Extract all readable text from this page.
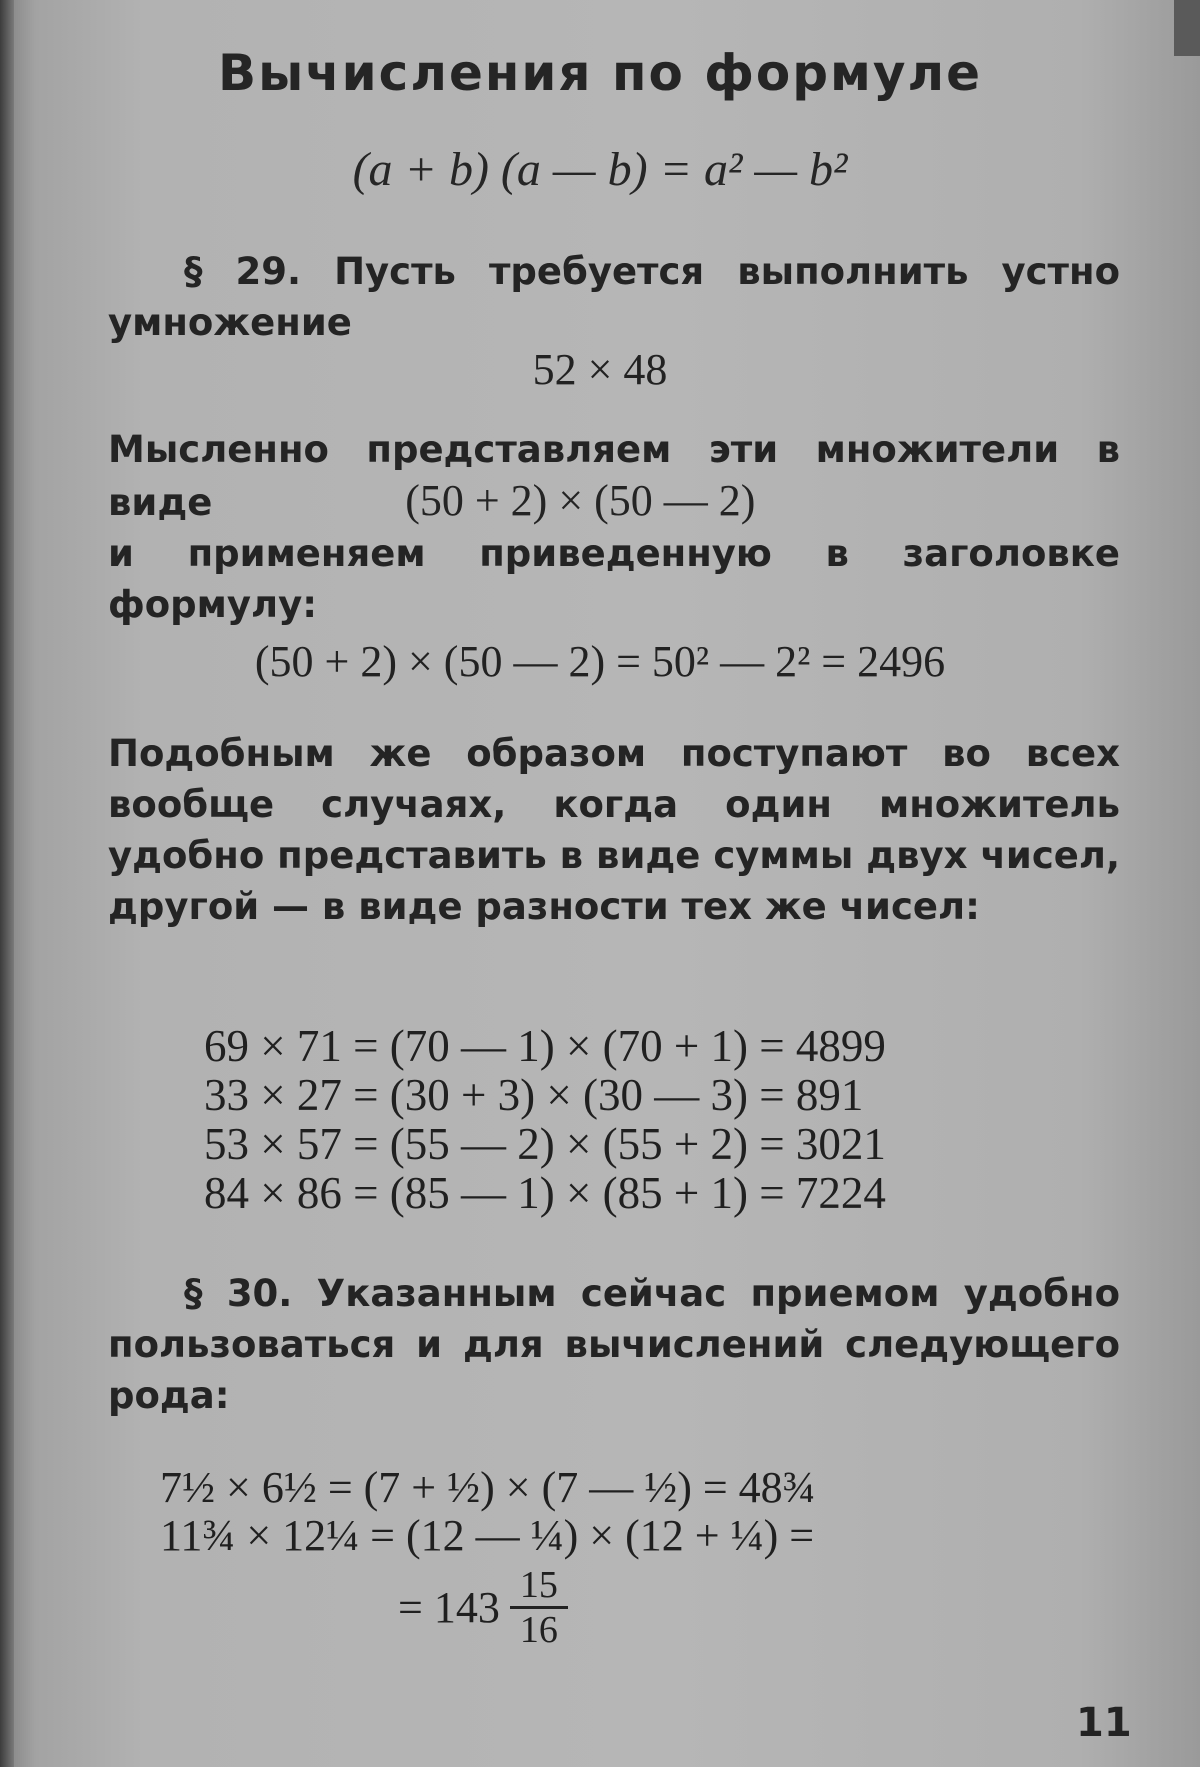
Вычисления по формуле
(a + b) (a — b) = a² — b²
§ 29. Пусть требуется выполнить устно умножение
52 × 48
Мысленно представляем эти множители в виде	(50 + 2) × (50 — 2)
и применяем приведенную в заголовке формулу:
(50 + 2) × (50 — 2) = 50² — 2² = 2496
Подобным же образом поступают во всех вообще случаях, когда один множитель удобно представить в виде суммы двух чисел, другой — в виде разности тех же чисел:
69 × 71 = (70 — 1) × (70 + 1) = 4899
33 × 27 = (30 + 3) × (30 — 3) = 891
53 × 57 = (55 — 2) × (55 + 2) = 3021
84 × 86 = (85 — 1) × (85 + 1) = 7224
§ 30. Указанным сейчас приемом удобно пользоваться и для вычислений следующего рода:
7½ × 6½ = (7 + ½) × (7 — ½) = 48¾
11¾ × 12¼ = (12 — ¼) × (12 + ¼) =
= $143 \frac{15}{16}$
11
